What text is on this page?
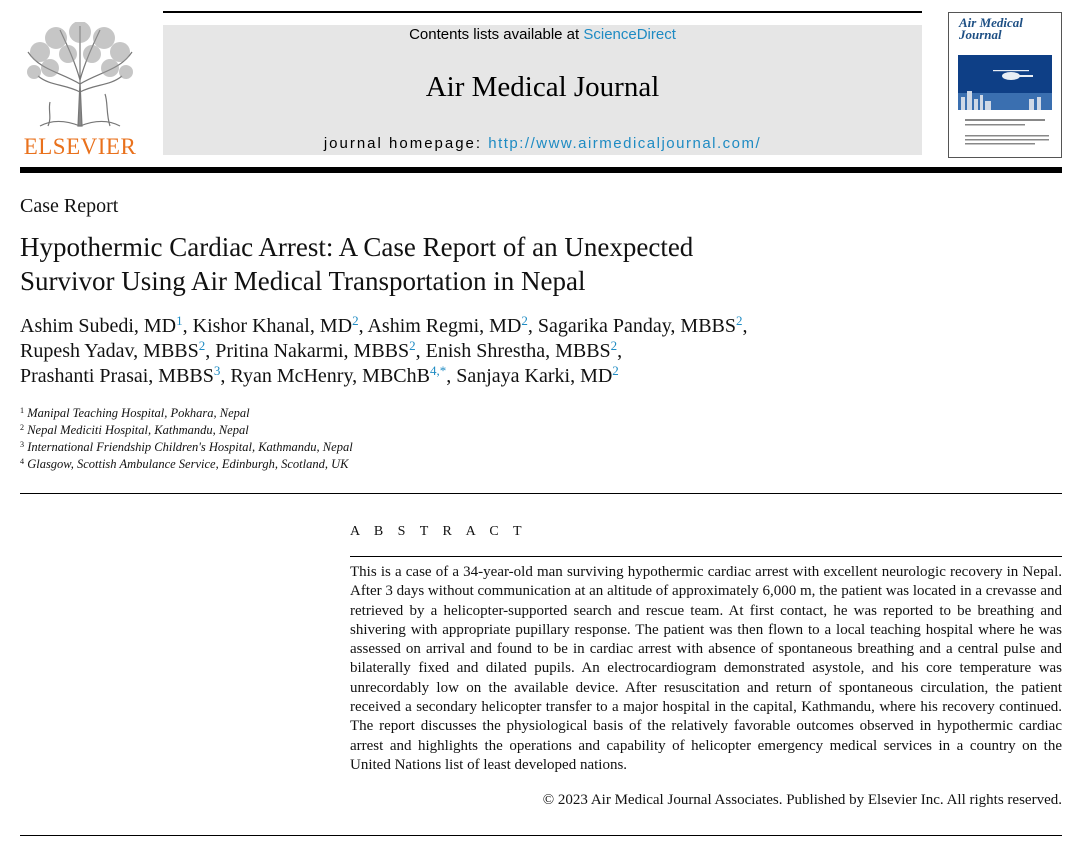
ELSEVIER
Contents lists available at ScienceDirect
Air Medical Journal
journal homepage: http://www.airmedicaljournal.com/
Air Medical Journal
Case Report
Hypothermic Cardiac Arrest: A Case Report of an Unexpected
Survivor Using Air Medical Transportation in Nepal
Ashim Subedi, $MD^1$, Kishor Khanal, $MD^2$, Ashim Regmi, $MD^2$, Sagarika Panday, MBBS$^2$,
Rupesh Yadav, MBBS$^2$, Pritina Nakarmi, MBBS$^2$, Enish Shrestha, MBBS$^2$,
Prashanti Prasai, MBBS$^3$, Ryan McHenry, MBChB$^{4,*}$, Sanjaya Karki, $MD^2$
$^1$ Manipal Teaching Hospital, Pokhara, Nepal
$^2$ Nepal Mediciti Hospital, Kathmandu, Nepal
$^3$ International Friendship Children's Hospital, Kathmandu, Nepal
$^4$ Glasgow, Scottish Ambulance Service, Edinburgh, Scotland, UK
A B S T R A C T
This is a case of a 34-year-old man surviving hypothermic cardiac arrest with excellent neurologic recovery in Nepal. After 3 days without communication at an altitude of approximately 6,000 m, the patient was located in a crevasse and retrieved by a helicopter-supported search and rescue team. At first contact, he was reported to be breathing and shivering with appropriate pupillary response. The patient was then flown to a local teaching hospital where he was assessed on arrival and found to be in cardiac arrest with absence of spontaneous breathing and a central pulse and bilaterally fixed and dilated pupils. An electrocardiogram demonstrated asystole, and his core temperature was unrecordably low on the available device. After resuscitation and return of spontaneous circulation, the patient received a secondary helicopter transfer to a major hospital in the capital, Kathmandu, where his recovery continued. The report discusses the physiological basis of the relatively favorable outcomes observed in hypothermic cardiac arrest and highlights the operations and capability of helicopter emergency medical services in a country on the United Nations list of least developed nations.
© 2023 Air Medical Journal Associates. Published by Elsevier Inc. All rights reserved.
